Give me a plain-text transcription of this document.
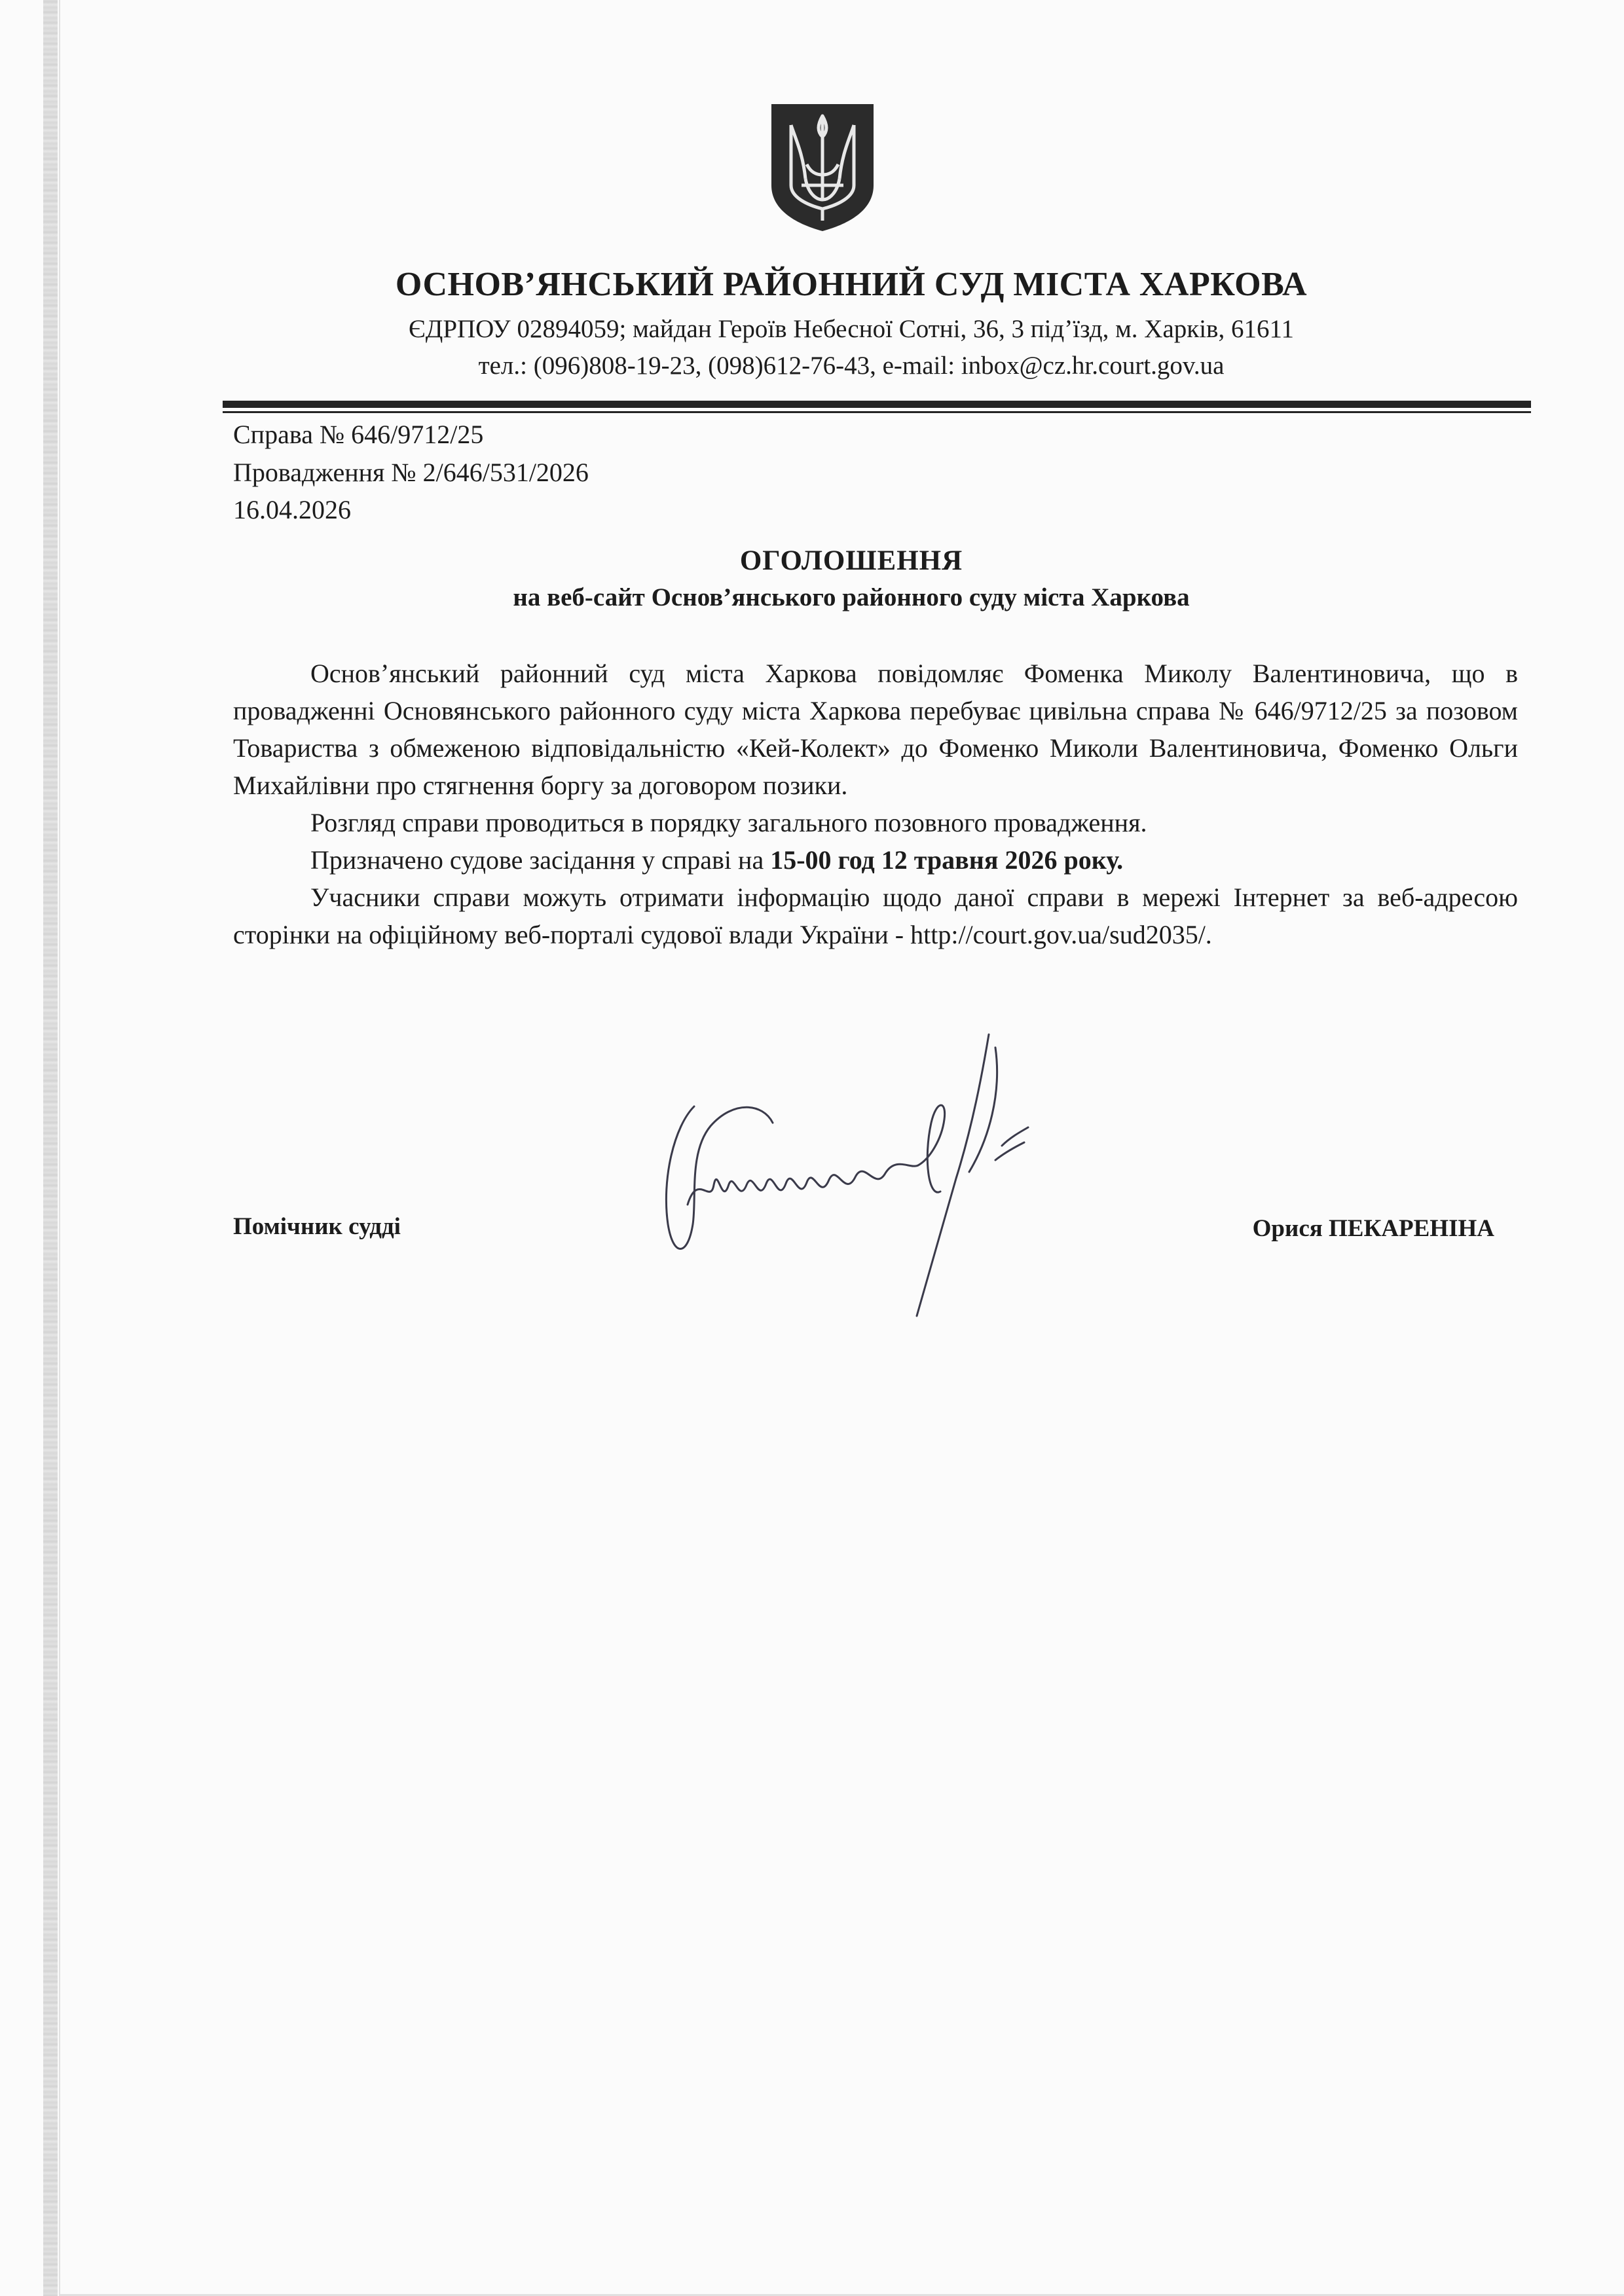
ОСНОВ’ЯНСЬКИЙ РАЙОННИЙ СУД МІСТА ХАРКОВА
ЄДРПОУ 02894059; майдан Героїв Небесної Сотні, 36, 3 під’їзд, м. Харків, 61611
тел.: (096)808-19-23, (098)612-76-43, e-mail: inbox@cz.hr.court.gov.ua
Справа № 646/9712/25
Провадження № 2/646/531/2026
16.04.2026
ОГОЛОШЕННЯ
на веб-сайт Основ’янського районного суду міста Харкова

Основ’янський районний суд міста Харкова повідомляє Фоменка Миколу Валентиновича, що в провадженні Основянського районного суду міста Харкова перебуває цивільна справа № 646/9712/25 за позовом Товариства з обмеженою відповідальністю «Кей-Колект» до Фоменко Миколи Валентиновича, Фоменко Ольги Михайлівни про стягнення боргу за договором позики.

Розгляд справи проводиться в порядку загального позовного провадження.

Призначено судове засідання у справі на 15-00 год 12 травня 2026 року.

Учасники справи можуть отримати інформацію щодо даної справи в мережі Інтернет за веб-адресою сторінки на офіційному веб-порталі судової влади України - http://court.gov.ua/sud2035/.

Помічник судді	Орися ПЕКАРЕНІНА
